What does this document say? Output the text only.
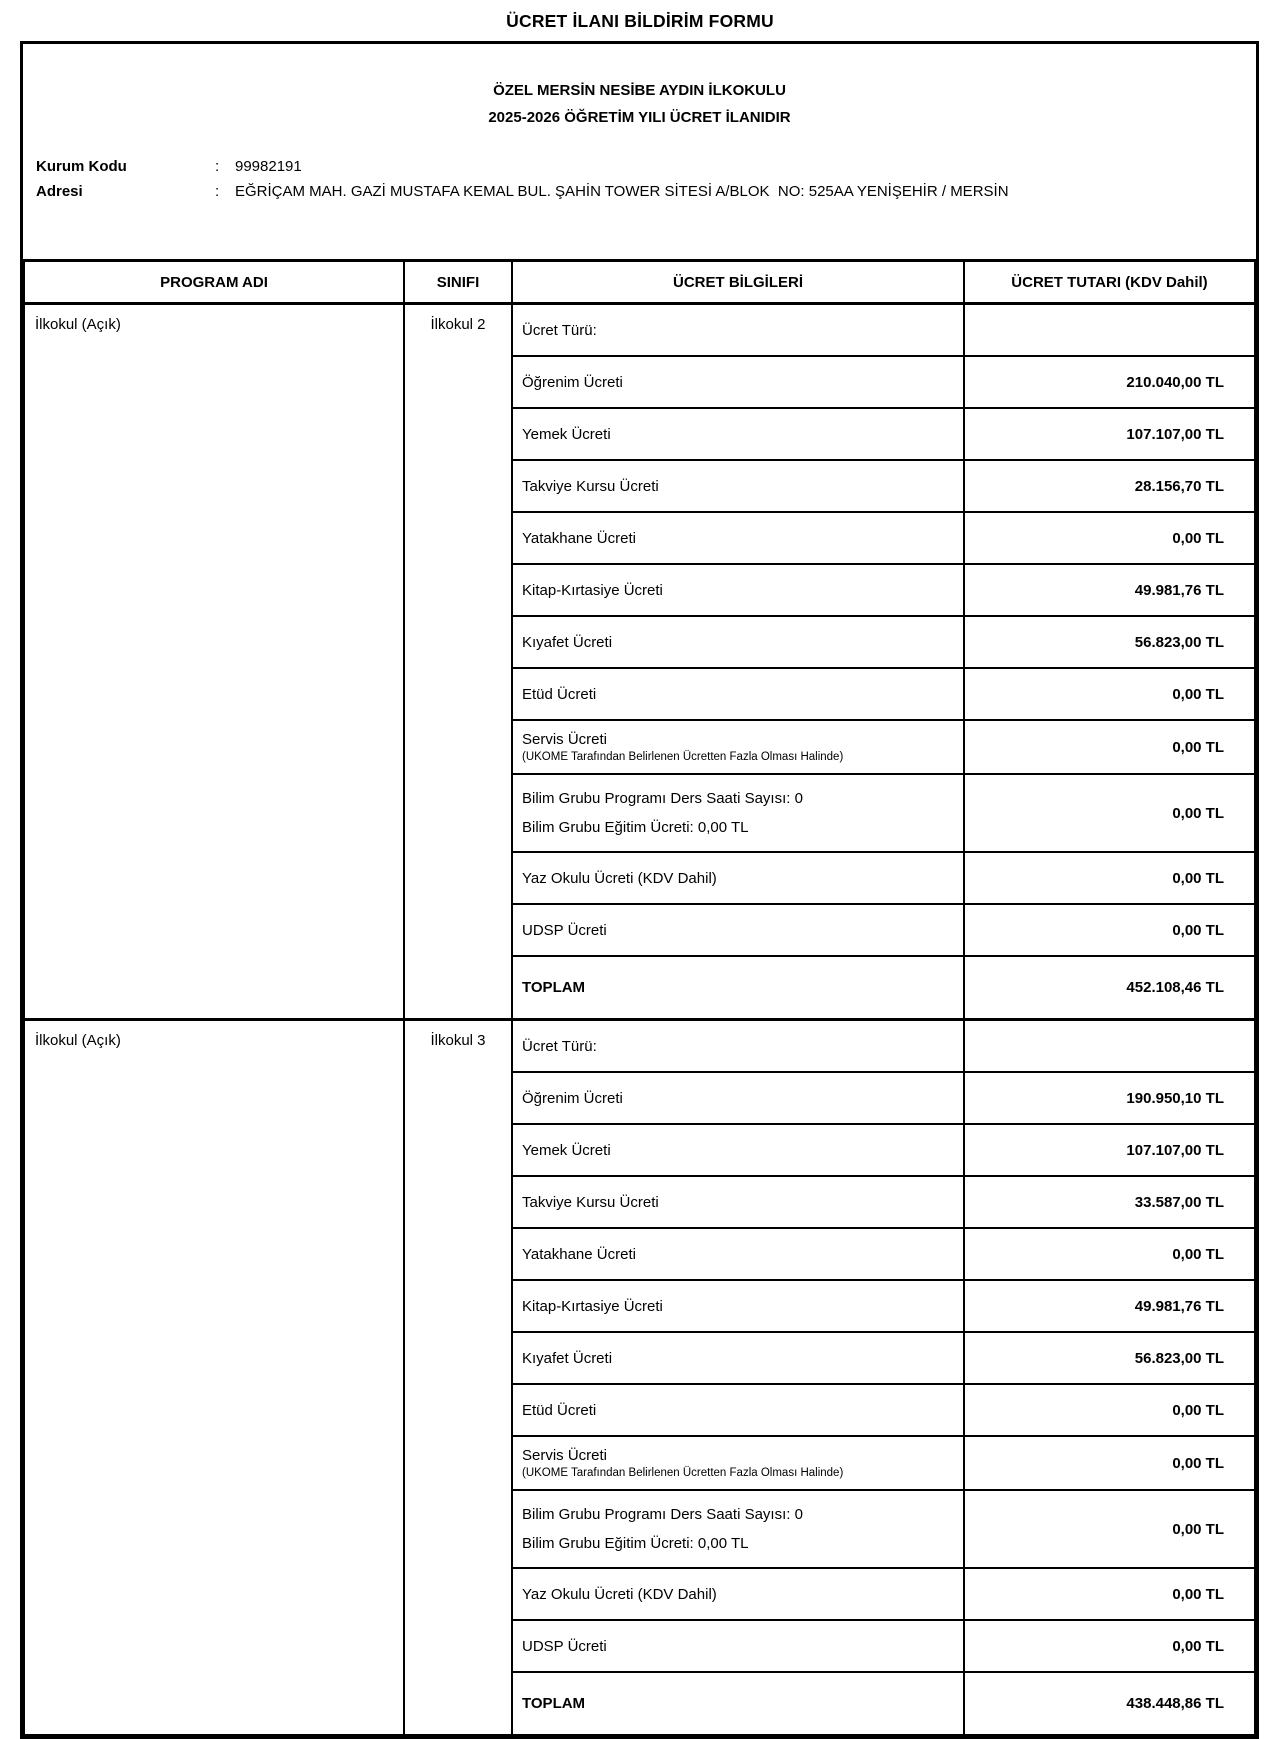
ÜCRET İLANI BİLDİRİM FORMU
ÖZEL MERSİN NESİBE AYDIN İLKOKULU
2025-2026 ÖĞRETİM YILI ÜCRET İLANIDIR
Kurum Kodu	:	99982191
Adresi	:	EĞRİÇAM MAH. GAZİ MUSTAFA KEMAL BUL. ŞAHİN TOWER SİTESİ A/BLOK  NO: 525AA YENİŞEHİR / MERSİN
PROGRAM ADI	SINIFI	ÜCRET BİLGİLERİ	ÜCRET TUTARI (KDV Dahil)
İlkokul (Açık)	İlkokul 2	Ücret Türü:	

		Öğrenim Ücreti	210.040,00 TL

		Yemek Ücreti	107.107,00 TL

		Takviye Kursu Ücreti	28.156,70 TL

		Yatakhane Ücreti	0,00 TL

		Kitap-Kırtasiye Ücreti	49.981,76 TL

		Kıyafet Ücreti	56.823,00 TL

		Etüd Ücreti	0,00 TL

		Servis Ücreti
(UKOME Tarafından Belirlenen Ücretten Fazla Olması Halinde)	0,00 TL

		Bilim Grubu Programı Ders Saati Sayısı: 0
Bilim Grubu Eğitim Ücreti: 0,00 TL	0,00 TL

		Yaz Okulu Ücreti (KDV Dahil)	0,00 TL

		UDSP Ücreti	0,00 TL

		TOPLAM	452.108,46 TL
İlkokul (Açık)	İlkokul 3	Ücret Türü:	

		Öğrenim Ücreti	190.950,10 TL

		Yemek Ücreti	107.107,00 TL

		Takviye Kursu Ücreti	33.587,00 TL

		Yatakhane Ücreti	0,00 TL

		Kitap-Kırtasiye Ücreti	49.981,76 TL

		Kıyafet Ücreti	56.823,00 TL

		Etüd Ücreti	0,00 TL

		Servis Ücreti
(UKOME Tarafından Belirlenen Ücretten Fazla Olması Halinde)	0,00 TL

		Bilim Grubu Programı Ders Saati Sayısı: 0
Bilim Grubu Eğitim Ücreti: 0,00 TL	0,00 TL

		Yaz Okulu Ücreti (KDV Dahil)	0,00 TL

		UDSP Ücreti	0,00 TL

		TOPLAM	438.448,86 TL
